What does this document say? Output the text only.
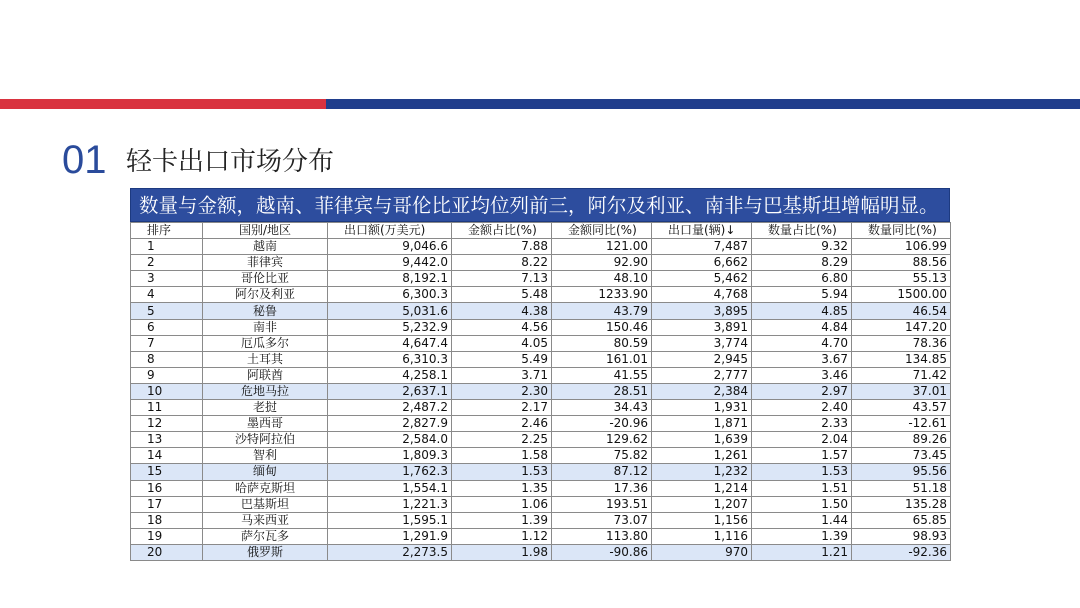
01 轻卡出口市场分布
数量与金额，越南、菲律宾与哥伦比亚均位列前三，阿尔及利亚、南非与巴基斯坦增幅明显。
排序	国别/地区	出口额(万美元)	金额占比(%)	金额同比(%)	出口量(辆)↓	数量占比(%)	数量同比(%)
1	越南	9,046.6	7.88	121.00	7,487	9.32	106.99
2	菲律宾	9,442.0	8.22	92.90	6,662	8.29	88.56
3	哥伦比亚	8,192.1	7.13	48.10	5,462	6.80	55.13
4	阿尔及利亚	6,300.3	5.48	1233.90	4,768	5.94	1500.00
5	秘鲁	5,031.6	4.38	43.79	3,895	4.85	46.54
6	南非	5,232.9	4.56	150.46	3,891	4.84	147.20
7	厄瓜多尔	4,647.4	4.05	80.59	3,774	4.70	78.36
8	土耳其	6,310.3	5.49	161.01	2,945	3.67	134.85
9	阿联酋	4,258.1	3.71	41.55	2,777	3.46	71.42
10	危地马拉	2,637.1	2.30	28.51	2,384	2.97	37.01
11	老挝	2,487.2	2.17	34.43	1,931	2.40	43.57
12	墨西哥	2,827.9	2.46	-20.96	1,871	2.33	-12.61
13	沙特阿拉伯	2,584.0	2.25	129.62	1,639	2.04	89.26
14	智利	1,809.3	1.58	75.82	1,261	1.57	73.45
15	缅甸	1,762.3	1.53	87.12	1,232	1.53	95.56
16	哈萨克斯坦	1,554.1	1.35	17.36	1,214	1.51	51.18
17	巴基斯坦	1,221.3	1.06	193.51	1,207	1.50	135.28
18	马来西亚	1,595.1	1.39	73.07	1,156	1.44	65.85
19	萨尔瓦多	1,291.9	1.12	113.80	1,116	1.39	98.93
20	俄罗斯	2,273.5	1.98	-90.86	970	1.21	-92.36
